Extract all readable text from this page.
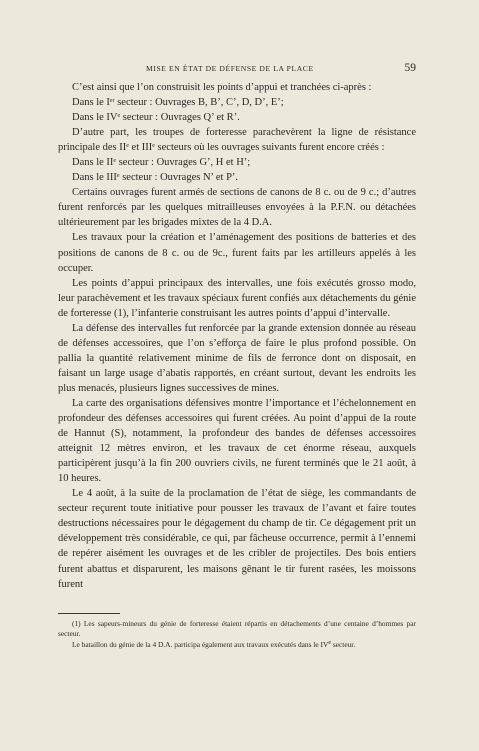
MISE EN ÉTAT DE DÉFENSE DE LA PLACE	59

C’est ainsi que l’on construisit les points d’appui et tranchées ci-après :

Dans le Ier secteur : Ouvrages B, B’, C’, D, D’, E’;

Dans le IVe secteur : Ouvrages Q’ et R’.

D’autre part, les troupes de forteresse parachevèrent la ligne de résistance principale des IIe et IIIe secteurs où les ouvrages suivants furent encore créés :

Dans le IIe secteur : Ouvrages G’, H et H’;

Dans le IIIe secteur : Ouvrages N’ et P’.

Certains ouvrages furent armés de sections de canons de 8 c. ou de 9 c.; d’autres furent renforcés par les quelques mitrailleuses envoyées à la P.F.N. ou détachées ultérieurement par les brigades mixtes de la 4 D.A.

Les travaux pour la création et l’aménagement des positions de batteries et des positions de canons de 8 c. ou de 9c., furent faits par les artilleurs appelés à les occuper.

Les points d’appui principaux des intervalles, une fois exécutés grosso modo, leur parachèvement et les travaux spéciaux furent confiés aux détachements du génie de forteresse (1), l’infanterie construisant les autres points d’appui d’intervalle.

La défense des intervalles fut renforcée par la grande extension donnée au réseau de défenses accessoires, que l’on s’efforça de faire le plus profond possible. On pallia la quantité relativement minime de fils de ferronce dont on disposait, en faisant un large usage d’abatis rapportés, en créant surtout, devant les endroits les plus menacés, plusieurs lignes successives de mines.

La carte des organisations défensives montre l’importance et l’échelonnement en profondeur des défenses accessoires qui furent créées. Au point d’appui de la route de Hannut (S), notamment, la profondeur des bandes de défenses accessoires atteignit 12 mètres environ, et les travaux de cet énorme réseau, auxquels participèrent jusqu’à la fin 200 ouvriers civils, ne furent terminés que le 21 août, à 10 heures.

Le 4 août, à la suite de la proclamation de l’état de siège, les commandants de secteur reçurent toute initiative pour pousser les travaux de l’avant et faire toutes destructions nécessaires pour le dégagement du champ de tir. Ce dégagement prit un développement très considérable, ce qui, par fâcheuse occurrence, permit à l’ennemi de repérer aisément les ouvrages et de les cribler de projectiles. Des bois entiers furent abattus et disparurent, les maisons gênant le tir furent rasées, les moissons furent

(1) Les sapeurs-mineurs du génie de forteresse étaient répartis en détachements d’une centaine d’hommes par secteur.

Le bataillon du génie de la 4 D.A. participa également aux travaux exécutés dans le IVe secteur.
